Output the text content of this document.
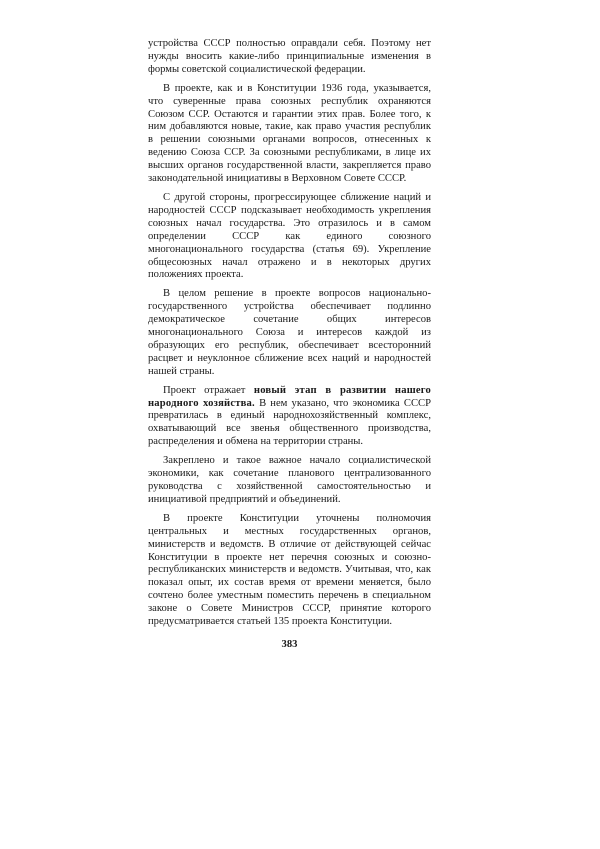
устройства СССР полностью оправдали себя. Поэтому нет нужды вносить какие-либо принципиальные изменения в формы советской социалистической федерации.

В проекте, как и в Конституции 1936 года, указывается, что суверенные права союзных республик охраняются Союзом ССР. Остаются и гарантии этих прав. Более того, к ним добавляются новые, такие, как право участия республик в решении союзными органами вопросов, отнесенных к ведению Союза ССР. За союзными республиками, в лице их высших органов государственной власти, закрепляется право законодательной инициативы в Верховном Совете СССР.

С другой стороны, прогрессирующее сближение наций и народностей СССР подсказывает необходимость укрепления союзных начал государства. Это отразилось и в самом определении СССР как единого союзного многонационального государства (статья 69). Укрепление общесоюзных начал отражено и в некоторых других положениях проекта.

В целом решение в проекте вопросов национально-государственного устройства обеспечивает подлинно демократическое сочетание общих интересов многонационального Союза и интересов каждой из образующих его республик, обеспечивает всесторонний расцвет и неуклонное сближение всех наций и народностей нашей страны.

Проект отражает новый этап в развитии нашего народного хозяйства. В нем указано, что экономика СССР превратилась в единый народнохозяйственный комплекс, охватывающий все звенья общественного производства, распределения и обмена на территории страны.

Закреплено и такое важное начало социалистической экономики, как сочетание планового централизованного руководства с хозяйственной самостоятельностью и инициативой предприятий и объединений.

В проекте Конституции уточнены полномочия центральных и местных государственных органов, министерств и ведомств. В отличие от действующей сейчас Конституции в проекте нет перечня союзных и союзно-республиканских министерств и ведомств. Учитывая, что, как показал опыт, их состав время от времени меняется, было сочтено более уместным поместить перечень в специальном законе о Совете Министров СССР, принятие которого предусматривается статьей 135 проекта Конституции.

383
